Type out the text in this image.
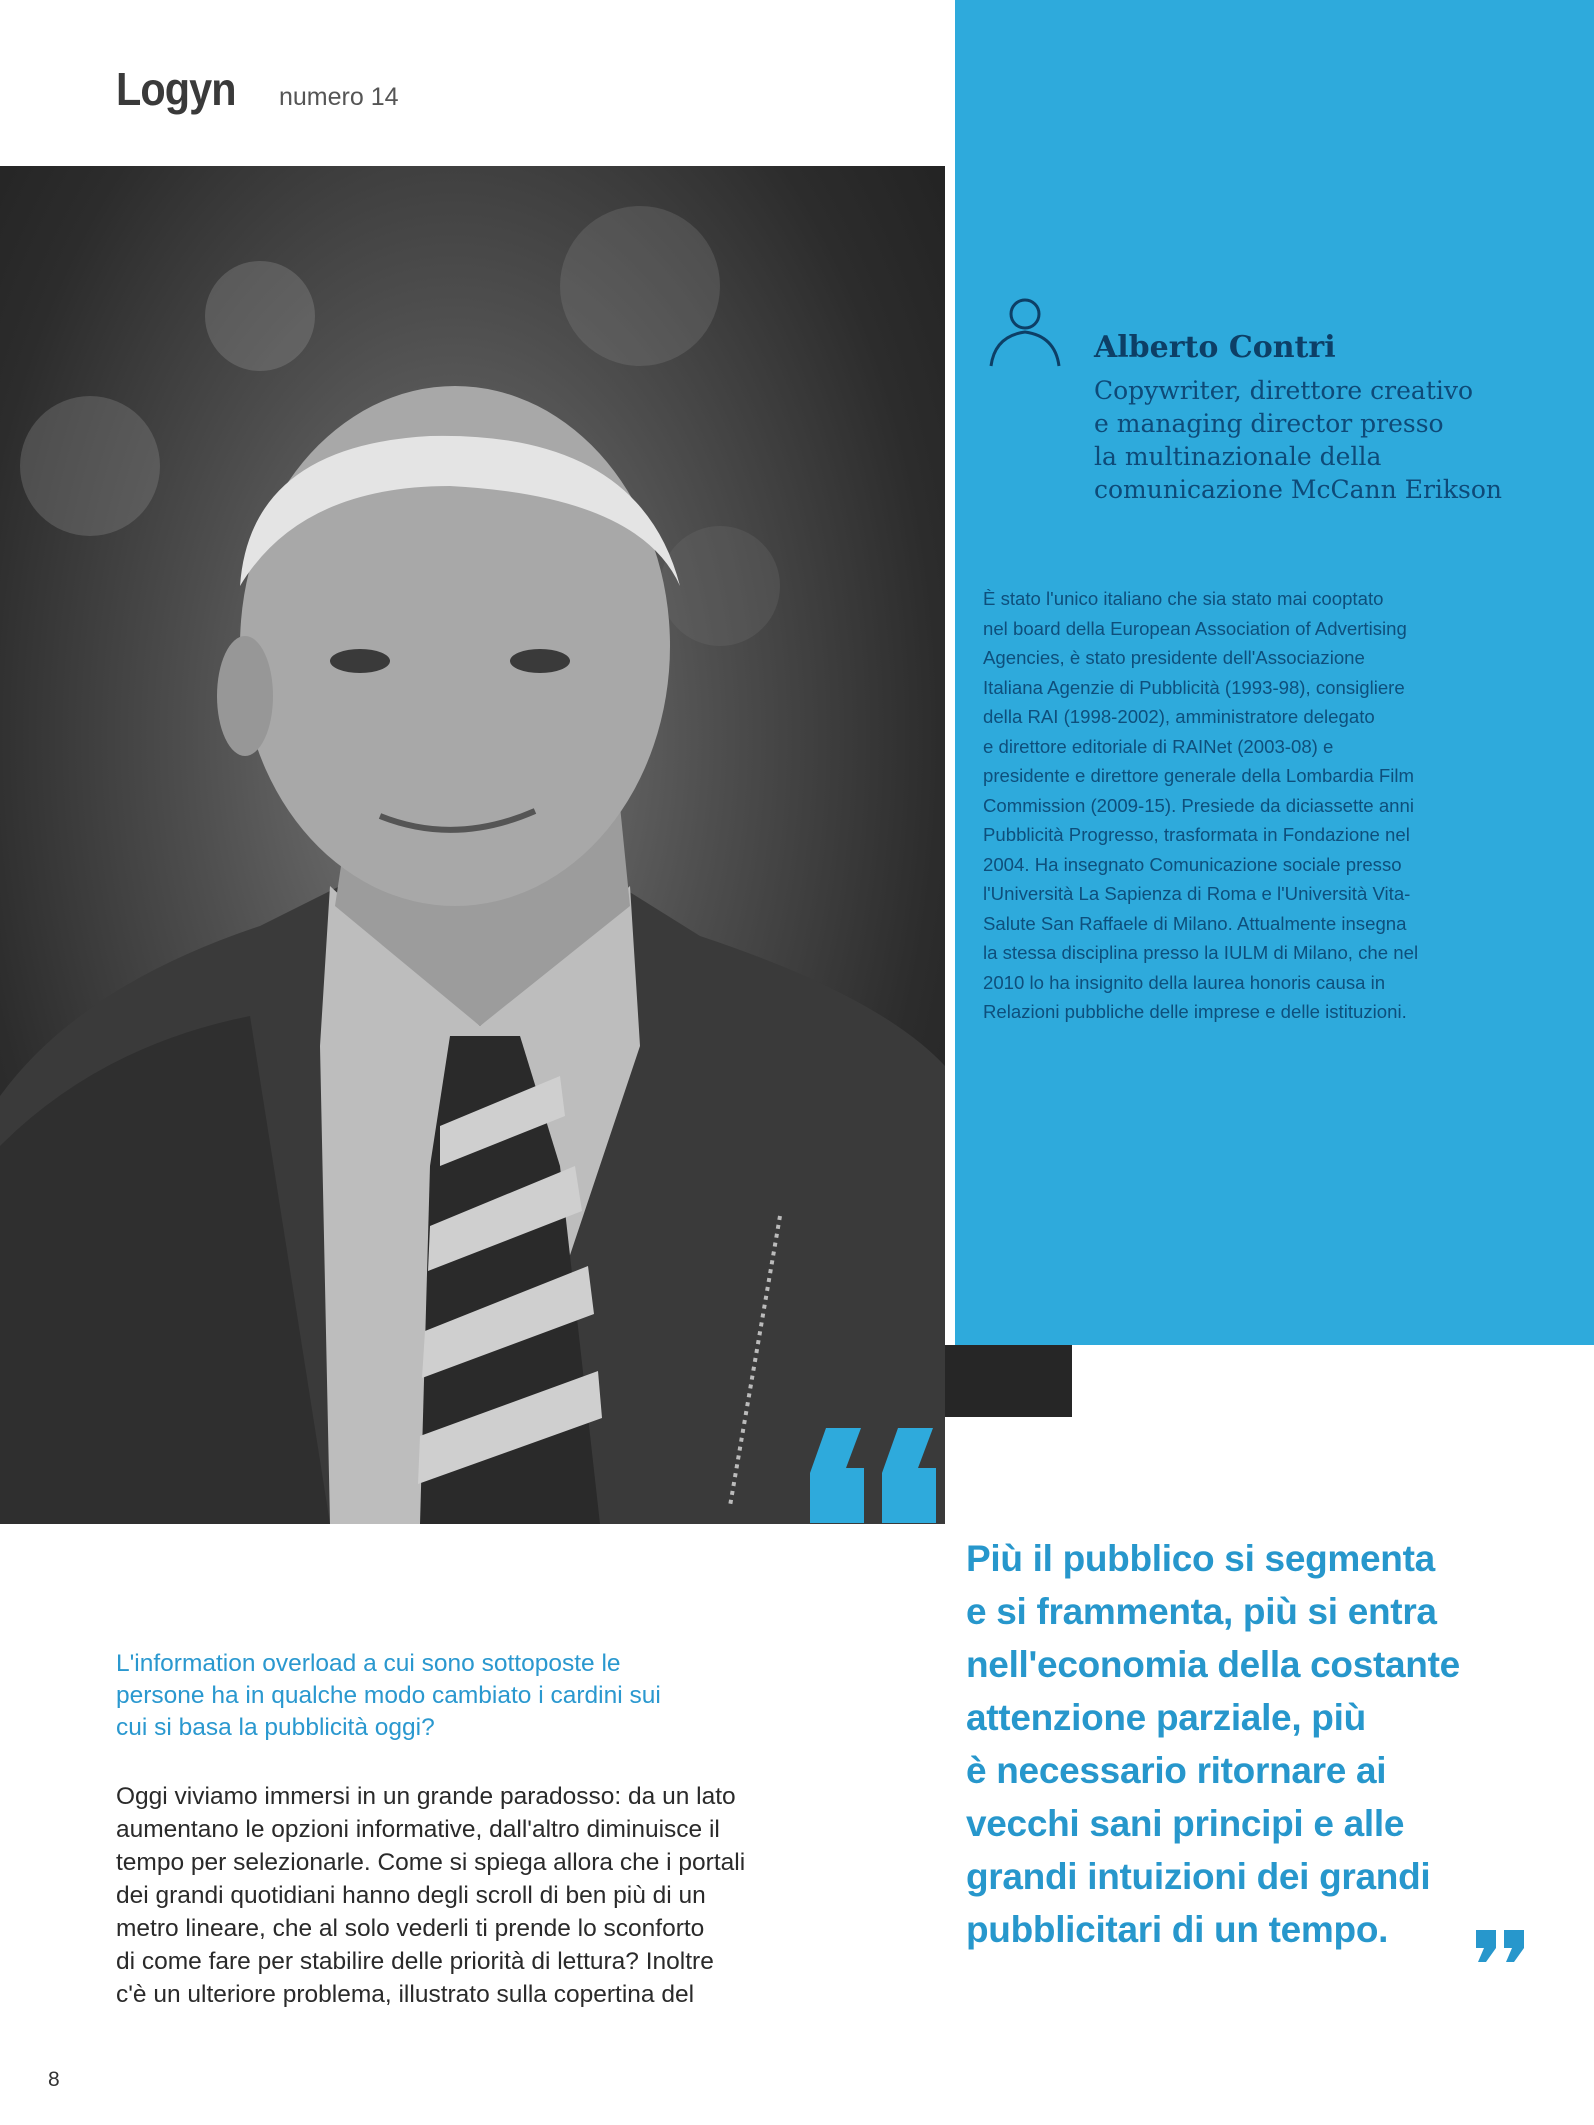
Logyn numero 14
Alberto Contri
Copywriter, direttore creativo
e managing director presso
la multinazionale della
comunicazione McCann Erikson
È stato l'unico italiano che sia stato mai cooptato
nel board della European Association of Advertising
Agencies, è stato presidente dell'Associazione
Italiana Agenzie di Pubblicità (1993-98), consigliere
della RAI (1998-2002), amministratore delegato
e direttore editoriale di RAINet (2003-08) e
presidente e direttore generale della Lombardia Film
Commission (2009-15). Presiede da diciassette anni
Pubblicità Progresso, trasformata in Fondazione nel
2004. Ha insegnato Comunicazione sociale presso
l'Università La Sapienza di Roma e l'Università Vita-
Salute San Raffaele di Milano. Attualmente insegna
la stessa disciplina presso la IULM di Milano, che nel
2010 lo ha insignito della laurea honoris causa in
Relazioni pubbliche delle imprese e delle istituzioni.
Più il pubblico si segmenta
e si frammenta, più si entra
nell'economia della costante
attenzione parziale, più
è necessario ritornare ai
vecchi sani principi e alle
grandi intuizioni dei grandi
pubblicitari di un tempo.
L'information overload a cui sono sottoposte le
persone ha in qualche modo cambiato i cardini sui
cui si basa la pubblicità oggi?
Oggi viviamo immersi in un grande paradosso: da un lato
aumentano le opzioni informative, dall'altro diminuisce il
tempo per selezionarle. Come si spiega allora che i portali
dei grandi quotidiani hanno degli scroll di ben più di un
metro lineare, che al solo vederli ti prende lo sconforto
di come fare per stabilire delle priorità di lettura? Inoltre
c'è un ulteriore problema, illustrato sulla copertina del
8
